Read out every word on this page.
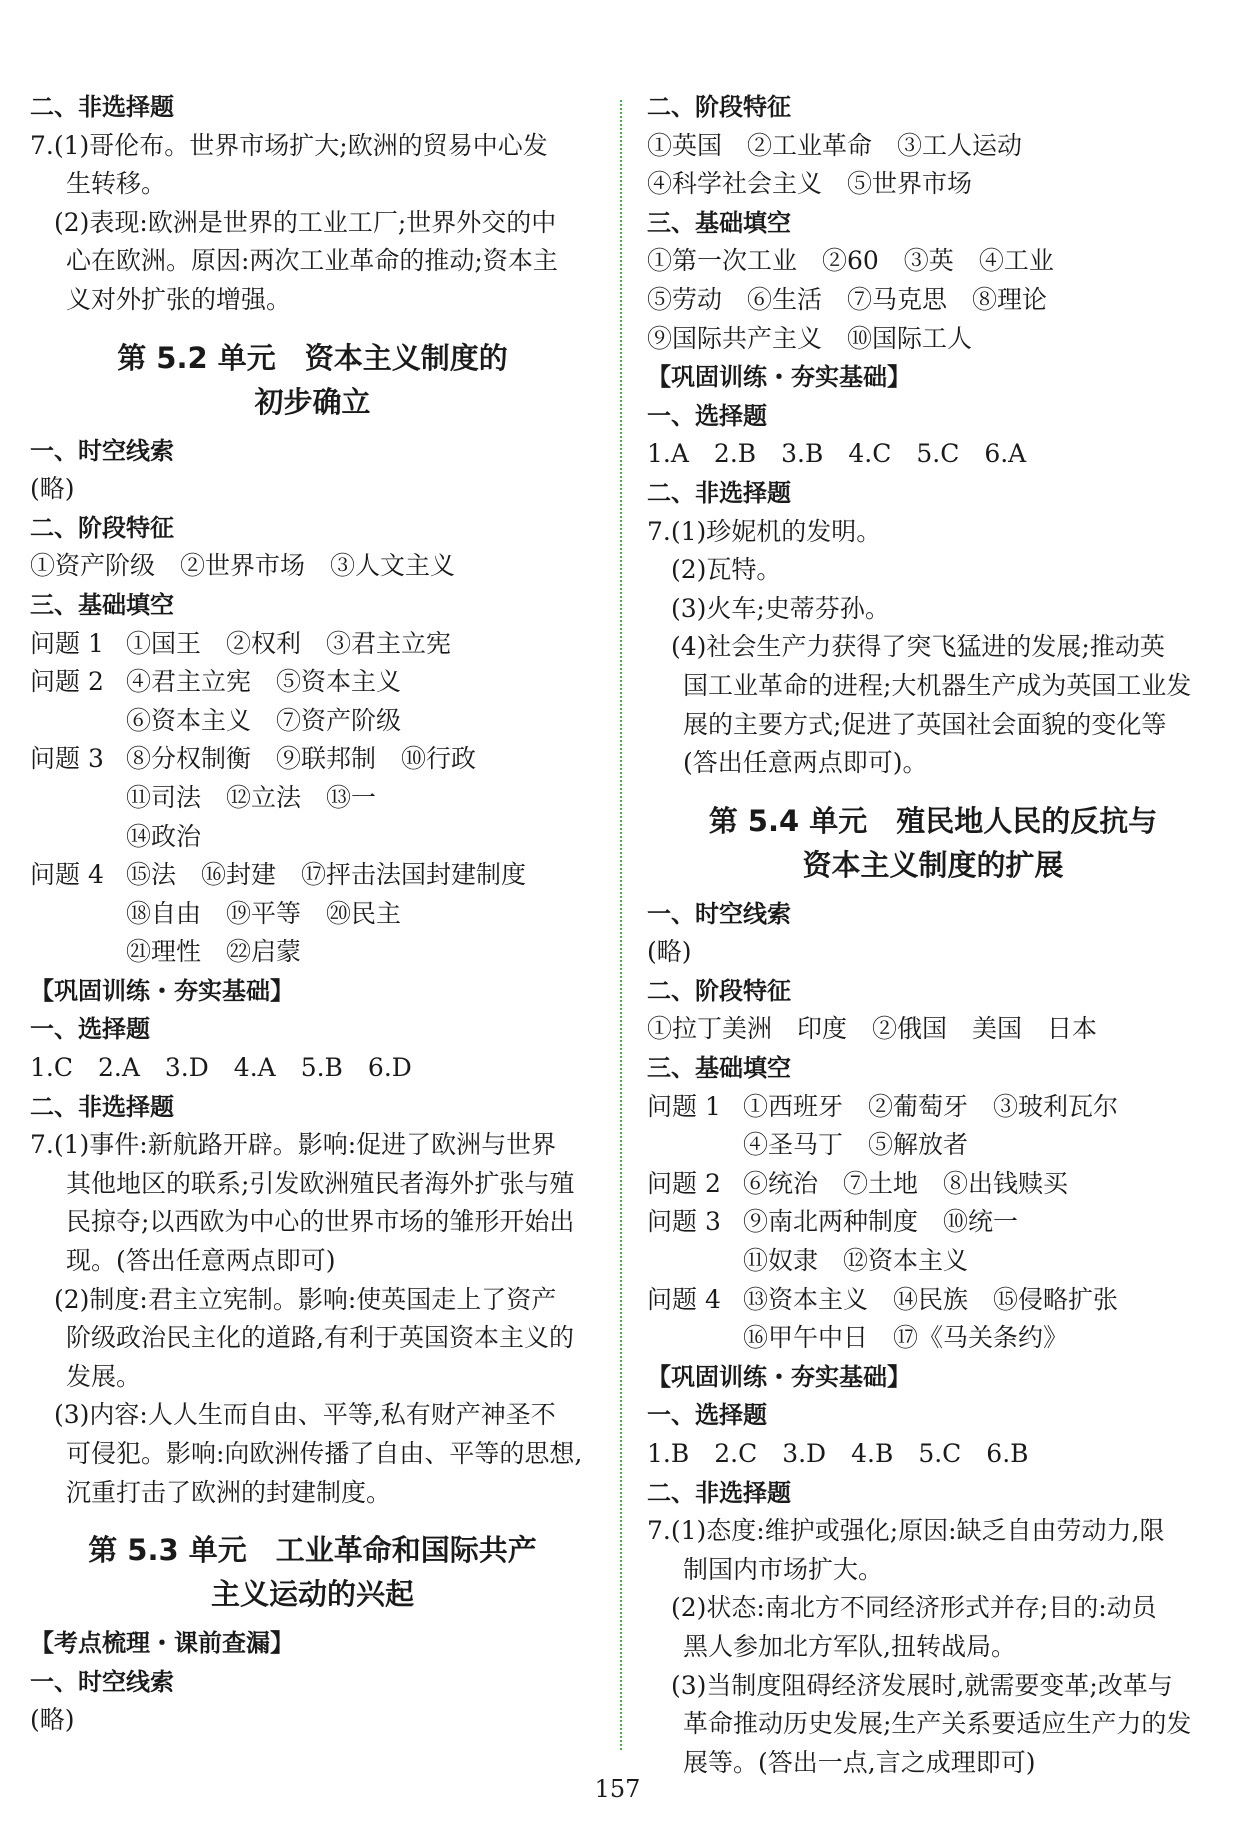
二、非选择题
7.(1)哥伦布。世界市场扩大;欧洲的贸易中心发
生转移。
(2)表现:欧洲是世界的工业工厂;世界外交的中
心在欧洲。原因:两次工业革命的推动;资本主
义对外扩张的增强。
第 5.2 单元　资本主义制度的
初步确立
一、时空线索
(略)
二、阶段特征
①资产阶级　②世界市场　③人文主义
三、基础填空
问题 1 ①国王　②权利　③君主立宪
问题 2 ④君主立宪　⑤资本主义
⑥资本主义　⑦资产阶级
问题 3 ⑧分权制衡　⑨联邦制　⑩行政
⑪司法　⑫立法　⑬一
⑭政治
问题 4 ⑮法　⑯封建　⑰抨击法国封建制度
⑱自由　⑲平等　⑳民主
㉑理性　㉒启蒙
【巩固训练・夯实基础】
一、选择题
1.C　2.A　3.D　4.A　5.B　6.D
二、非选择题
7.(1)事件:新航路开辟。影响:促进了欧洲与世界
其他地区的联系;引发欧洲殖民者海外扩张与殖
民掠夺;以西欧为中心的世界市场的雏形开始出
现。(答出任意两点即可)
(2)制度:君主立宪制。影响:使英国走上了资产
阶级政治民主化的道路,有利于英国资本主义的
发展。
(3)内容:人人生而自由、平等,私有财产神圣不
可侵犯。影响:向欧洲传播了自由、平等的思想,
沉重打击了欧洲的封建制度。
第 5.3 单元　工业革命和国际共产
主义运动的兴起
【考点梳理・课前查漏】
一、时空线索
(略)
二、阶段特征
①英国　②工业革命　③工人运动
④科学社会主义　⑤世界市场
三、基础填空
①第一次工业　②60　③英　④工业
⑤劳动　⑥生活　⑦马克思　⑧理论
⑨国际共产主义　⑩国际工人
【巩固训练・夯实基础】
一、选择题
1.A　2.B　3.B　4.C　5.C　6.A
二、非选择题
7.(1)珍妮机的发明。
(2)瓦特。
(3)火车;史蒂芬孙。
(4)社会生产力获得了突飞猛进的发展;推动英
国工业革命的进程;大机器生产成为英国工业发
展的主要方式;促进了英国社会面貌的变化等
(答出任意两点即可)。
第 5.4 单元　殖民地人民的反抗与
资本主义制度的扩展
一、时空线索
(略)
二、阶段特征
①拉丁美洲　印度　②俄国　美国　日本
三、基础填空
问题 1 ①西班牙　②葡萄牙　③玻利瓦尔
④圣马丁　⑤解放者
问题 2 ⑥统治　⑦土地　⑧出钱赎买
问题 3 ⑨南北两种制度　⑩统一
⑪奴隶　⑫资本主义
问题 4 ⑬资本主义　⑭民族　⑮侵略扩张
⑯甲午中日　⑰《马关条约》
【巩固训练・夯实基础】
一、选择题
1.B　2.C　3.D　4.B　5.C　6.B
二、非选择题
7.(1)态度:维护或强化;原因:缺乏自由劳动力,限
制国内市场扩大。
(2)状态:南北方不同经济形式并存;目的:动员
黑人参加北方军队,扭转战局。
(3)当制度阻碍经济发展时,就需要变革;改革与
革命推动历史发展;生产关系要适应生产力的发
展等。(答出一点,言之成理即可)
157
